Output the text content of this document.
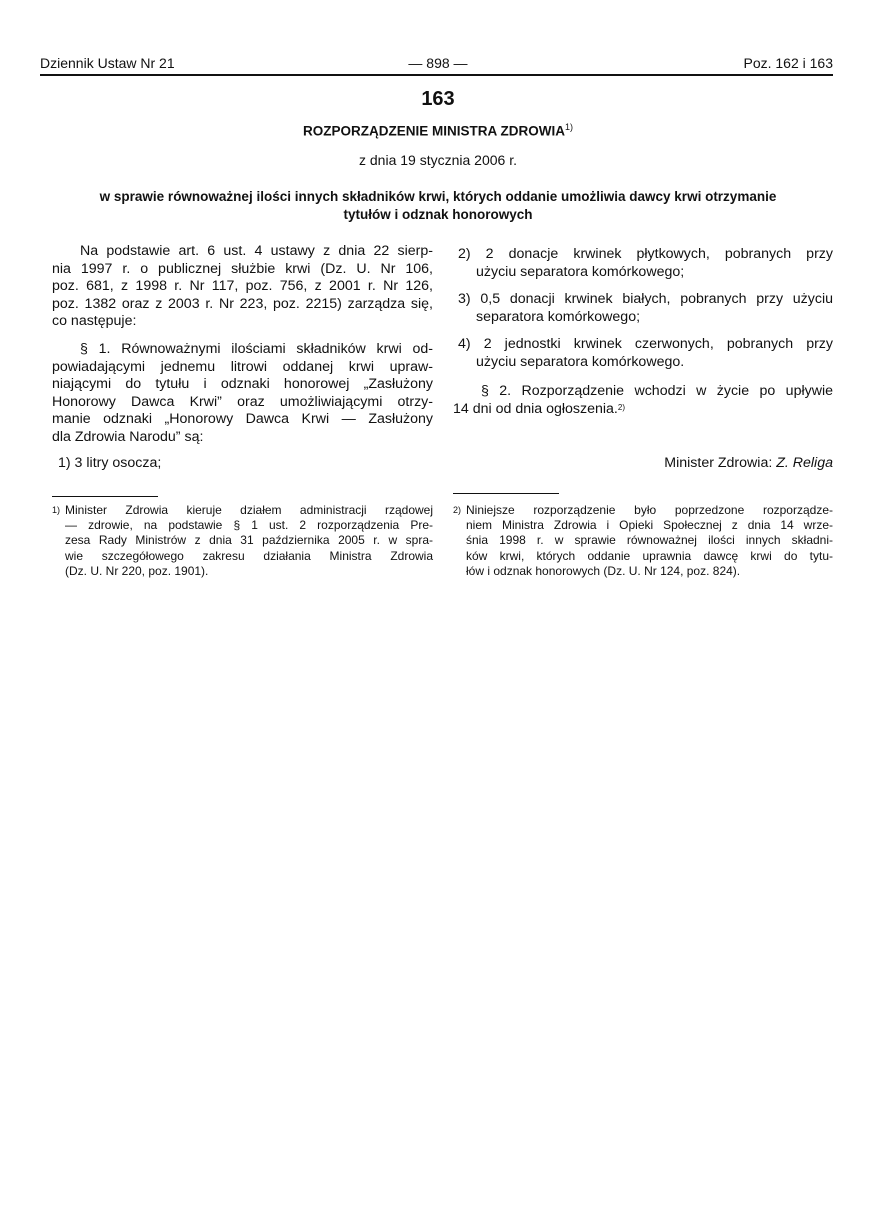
Dziennik Ustaw Nr 21	— 898 —	Poz. 162 i 163
163
ROZPORZĄDZENIE MINISTRA ZDROWIA$^{1)}$
z dnia 19 stycznia 2006 r.
w sprawie równoważnej ilości innych składników krwi, których oddanie umożliwia dawcy krwi otrzymanie
tytułów i odznak honorowych
Na podstawie art. 6 ust. 4 ustawy z dnia 22 sierp-
nia 1997 r. o publicznej służbie krwi (Dz. U. Nr 106,
poz. 681, z 1998 r. Nr 117, poz. 756, z 2001 r. Nr 126,
poz. 1382 oraz z 2003 r. Nr 223, poz. 2215) zarządza się,
co następuje:
§ 1. Równoważnymi ilościami składników krwi od-
powiadającymi jednemu litrowi oddanej krwi upraw-
niającymi do tytułu i odznaki honorowej „Zasłużony
Honorowy Dawca Krwi” oraz umożliwiającymi otrzy-
manie odznaki „Honorowy Dawca Krwi — Zasłużony
dla Zdrowia Narodu” są:
1) 3 litry osocza;
2) 2 donacje krwinek płytkowych, pobranych przy
użyciu separatora komórkowego;
3) 0,5 donacji krwinek białych, pobranych przy użyciu
separatora komórkowego;
4) 2 jednostki krwinek czerwonych, pobranych przy
użyciu separatora komórkowego.
§ 2. Rozporządzenie wchodzi w życie po upływie
14 dni od dnia ogłoszenia.$^{2)}$
Minister Zdrowia: Z. Religa
1) Minister Zdrowia kieruje działem administracji rządowej
— zdrowie, na podstawie § 1 ust. 2 rozporządzenia Pre-
zesa Rady Ministrów z dnia 31 października 2005 r. w spra-
wie szczegółowego zakresu działania Ministra Zdrowia
(Dz. U. Nr 220, poz. 1901).
2) Niniejsze rozporządzenie było poprzedzone rozporządze-
niem Ministra Zdrowia i Opieki Społecznej z dnia 14 wrze-
śnia 1998 r. w sprawie równoważnej ilości innych składni-
ków krwi, których oddanie uprawnia dawcę krwi do tytu-
łów i odznak honorowych (Dz. U. Nr 124, poz. 824).
